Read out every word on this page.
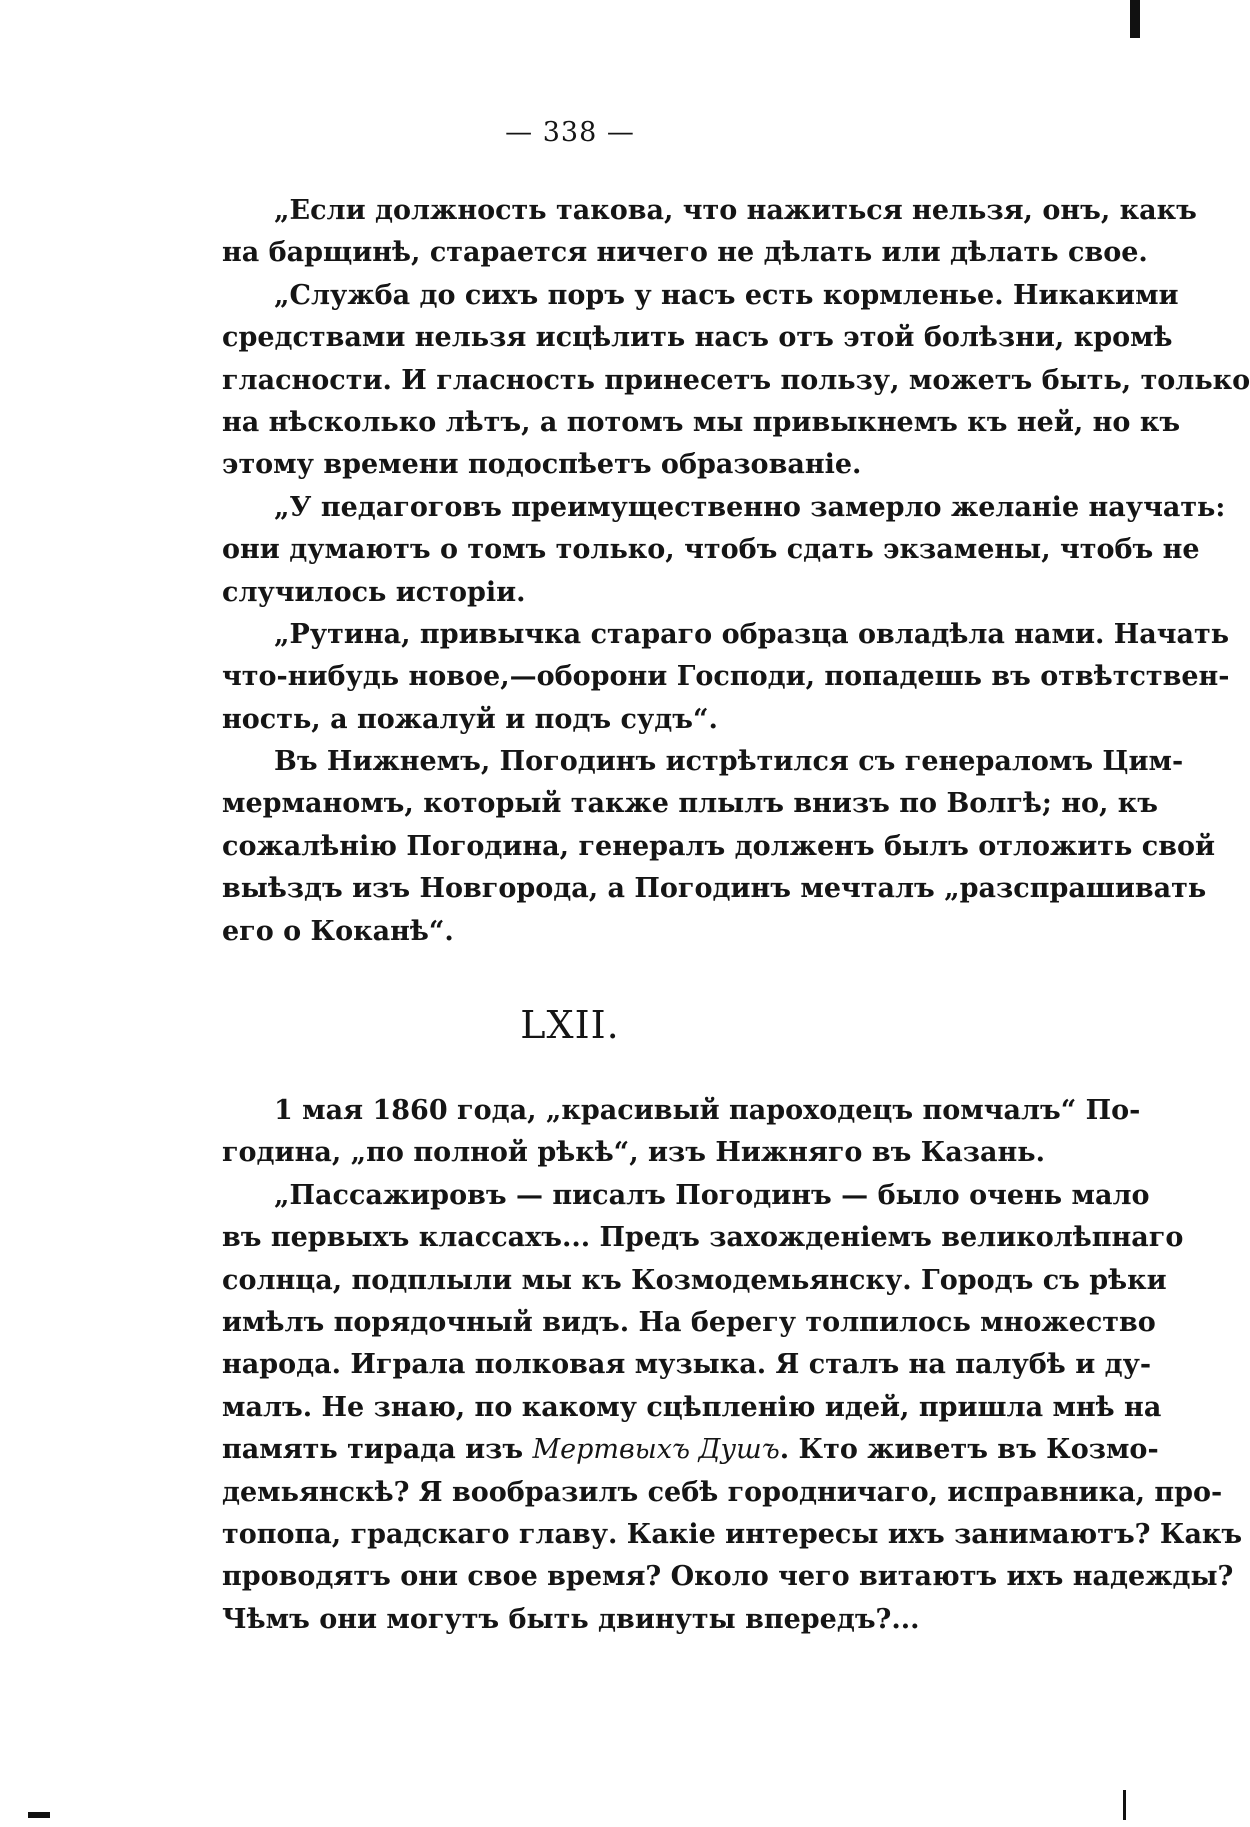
— 338 —
„Если должность такова, что нажиться нельзя, онъ, какъ
на барщинѣ, старается ничего не дѣлать или дѣлать свое.
„Служба до сихъ поръ у насъ есть кормленье. Никакими
средствами нельзя исцѣлить насъ отъ этой болѣзни, кромѣ
гласности. И гласность принесетъ пользу, можетъ быть, только
на нѣсколько лѣтъ, а потомъ мы привыкнемъ къ ней, но къ
этому времени подоспѣетъ образованіе.
„У педагоговъ преимущественно замерло желаніе научать:
они думаютъ о томъ только, чтобъ сдать экзамены, чтобъ не
случилось исторіи.
„Рутина, привычка стараго образца овладѣла нами. Начать
что-нибудь новое,—оборони Господи, попадешь въ отвѣтствен-
ность, а пожалуй и подъ судъ“.
Въ Нижнемъ, Погодинъ истрѣтился съ генераломъ Цим-
мерманомъ, который также плылъ внизъ по Волгѣ; но, къ
сожалѣнію Погодина, генералъ долженъ былъ отложить свой
выѣздъ изъ Новгорода, а Погодинъ мечталъ „разспрашивать
его о Коканѣ“.
LXII.
1 мая 1860 года, „красивый пароходецъ помчалъ“ По-
година, „по полной рѣкѣ“, изъ Нижняго въ Казань.
„Пассажировъ — писалъ Погодинъ — было очень мало
въ первыхъ классахъ... Предъ захожденіемъ великолѣпнаго
солнца, подплыли мы къ Козмодемьянску. Городъ съ рѣки
имѣлъ порядочный видъ. На берегу толпилось множество
народа. Играла полковая музыка. Я сталъ на палубѣ и ду-
малъ. Не знаю, по какому сцѣпленію идей, пришла мнѣ на
память тирада изъ Мертвыхъ Душъ. Кто живетъ въ Козмо-
демьянскѣ? Я вообразилъ себѣ городничаго, исправника, про-
топопа, градскаго главу. Какіе интересы ихъ занимаютъ? Какъ
проводятъ они свое время? Около чего витаютъ ихъ надежды?
Чѣмъ они могутъ быть двинуты впередъ?...
